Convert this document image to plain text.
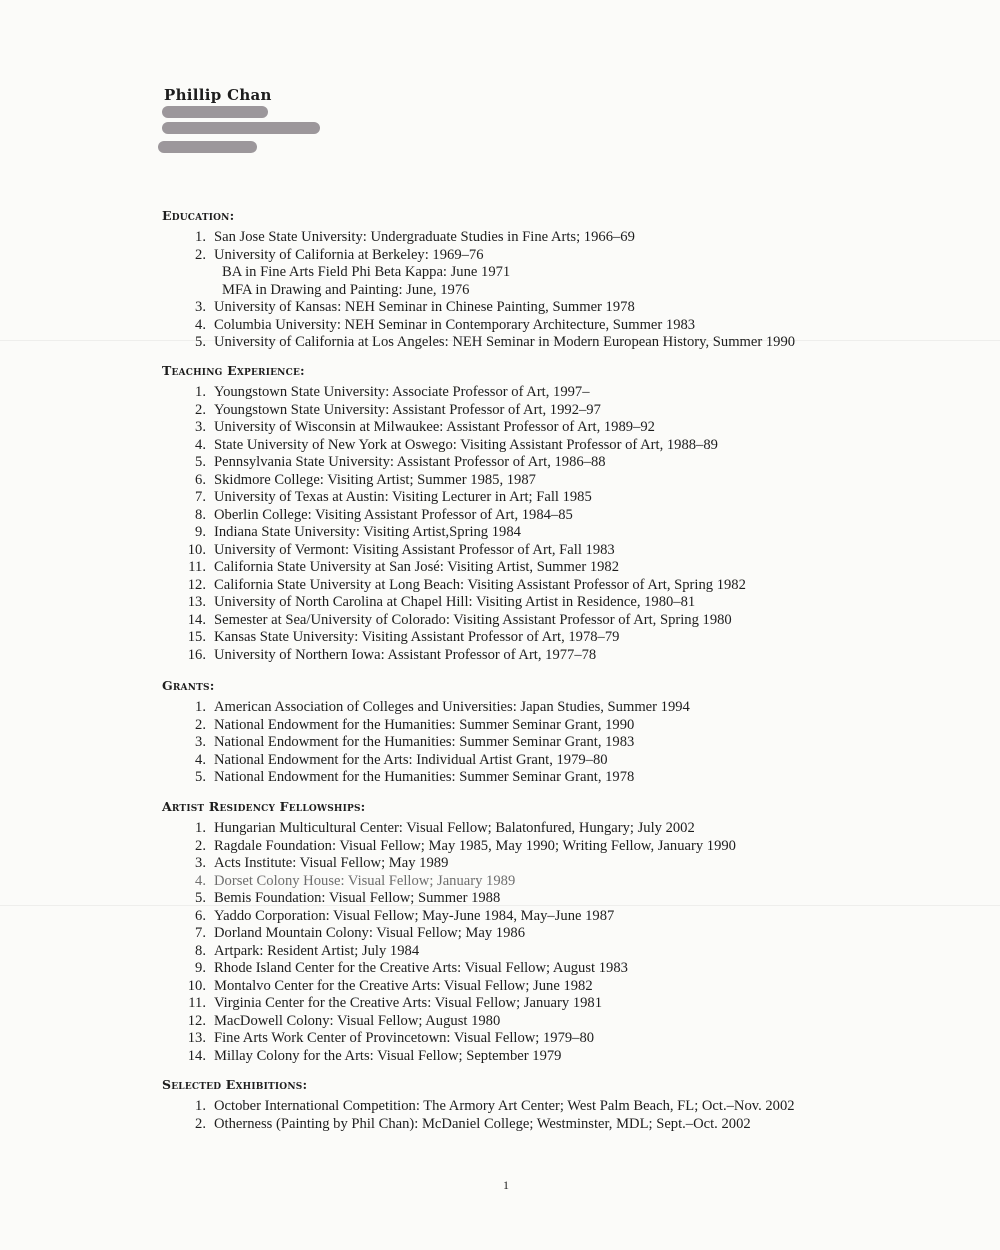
Phillip Chan
Education:
1. San Jose State University: Undergraduate Studies in Fine Arts; 1966–69
2. University of California at Berkeley: 1969–76
BA in Fine Arts Field Phi Beta Kappa: June 1971
MFA in Drawing and Painting: June, 1976
3. University of Kansas: NEH Seminar in Chinese Painting, Summer 1978
4. Columbia University: NEH Seminar in Contemporary Architecture, Summer 1983
5. University of California at Los Angeles: NEH Seminar in Modern European History, Summer 1990
Teaching Experience:
1. Youngstown State University: Associate Professor of Art, 1997–
2. Youngstown State University: Assistant Professor of Art, 1992–97
3. University of Wisconsin at Milwaukee: Assistant Professor of Art, 1989–92
4. State University of New York at Oswego: Visiting Assistant Professor of Art, 1988–89
5. Pennsylvania State University: Assistant Professor of Art, 1986–88
6. Skidmore College: Visiting Artist; Summer 1985, 1987
7. University of Texas at Austin: Visiting Lecturer in Art; Fall 1985
8. Oberlin College: Visiting Assistant Professor of Art, 1984–85
9. Indiana State University: Visiting Artist,Spring 1984
10. University of Vermont: Visiting Assistant Professor of Art, Fall 1983
11. California State University at San José: Visiting Artist, Summer 1982
12. California State University at Long Beach: Visiting Assistant Professor of Art, Spring 1982
13. University of North Carolina at Chapel Hill: Visiting Artist in Residence, 1980–81
14. Semester at Sea/University of Colorado: Visiting Assistant Professor of Art, Spring 1980
15. Kansas State University: Visiting Assistant Professor of Art, 1978–79
16. University of Northern Iowa: Assistant Professor of Art, 1977–78
Grants:
1. American Association of Colleges and Universities: Japan Studies, Summer 1994
2. National Endowment for the Humanities: Summer Seminar Grant, 1990
3. National Endowment for the Humanities: Summer Seminar Grant, 1983
4. National Endowment for the Arts: Individual Artist Grant, 1979–80
5. National Endowment for the Humanities: Summer Seminar Grant, 1978
Artist Residency Fellowships:
1. Hungarian Multicultural Center: Visual Fellow; Balatonfured, Hungary; July 2002
2. Ragdale Foundation: Visual Fellow; May 1985, May 1990; Writing Fellow, January 1990
3. Acts Institute: Visual Fellow; May 1989
4. Dorset Colony House: Visual Fellow; January 1989
5. Bemis Foundation: Visual Fellow; Summer 1988
6. Yaddo Corporation: Visual Fellow; May-June 1984, May–June 1987
7. Dorland Mountain Colony: Visual Fellow; May 1986
8. Artpark: Resident Artist; July 1984
9. Rhode Island Center for the Creative Arts: Visual Fellow; August 1983
10. Montalvo Center for the Creative Arts: Visual Fellow; June 1982
11. Virginia Center for the Creative Arts: Visual Fellow; January 1981
12. MacDowell Colony: Visual Fellow; August 1980
13. Fine Arts Work Center of Provincetown: Visual Fellow; 1979–80
14. Millay Colony for the Arts: Visual Fellow; September 1979
Selected Exhibitions:
1. October International Competition: The Armory Art Center; West Palm Beach, FL; Oct.–Nov. 2002
2. Otherness (Painting by Phil Chan): McDaniel College; Westminster, MDL; Sept.–Oct. 2002
1
